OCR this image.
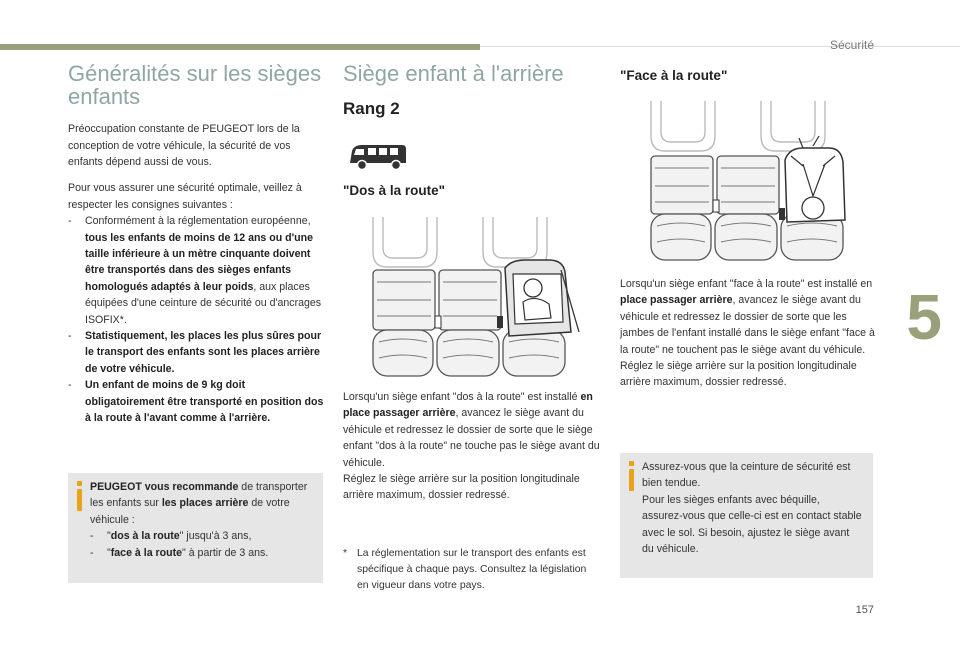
Sécurité
5
157
Généralités sur les sièges enfants

Préoccupation constante de PEUGEOT lors de la conception de votre véhicule, la sécurité de vos enfants dépend aussi de vous.

Pour vous assurer une sécurité optimale, veillez à respecter les consignes suivantes :

- Conformément à la réglementation européenne, tous les enfants de moins de 12 ans ou d'une taille inférieure à un mètre cinquante doivent être transportés dans des sièges enfants homologués adaptés à leur poids, aux places équipées d'une ceinture de sécurité ou d'ancrages ISOFIX*.
- Statistiquement, les places les plus sûres pour le transport des enfants sont les places arrière de votre véhicule.
- Un enfant de moins de 9 kg doit obligatoirement être transporté en position dos à la route à l'avant comme à l'arrière.
PEUGEOT vous recommande de transporter les enfants sur les places arrière de votre véhicule :
- "dos à la route" jusqu'à 3 ans,
- "face à la route" à partir de 3 ans.
Siège enfant à l'arrière
Rang 2
"Dos à la route"

Lorsqu'un siège enfant "dos à la route" est installé en place passager arrière, avancez le siège avant du véhicule et redressez le dossier de sorte que le siège enfant "dos à la route" ne touche pas le siège avant du véhicule.
Réglez le siège arrière sur la position longitudinale arrière maximum, dossier redressé.

* La réglementation sur le transport des enfants est spécifique à chaque pays. Consultez la législation en vigueur dans votre pays.
"Face à la route"

Lorsqu'un siège enfant "face à la route" est installé en place passager arrière, avancez le siège avant du véhicule et redressez le dossier de sorte que les jambes de l'enfant installé dans le siège enfant "face à la route" ne touchent pas le siège avant du véhicule.
Réglez le siège arrière sur la position longitudinale arrière maximum, dossier redressé.

Assurez-vous que la ceinture de sécurité est bien tendue.
Pour les sièges enfants avec béquille, assurez-vous que celle-ci est en contact stable avec le sol. Si besoin, ajustez le siège avant du véhicule.
